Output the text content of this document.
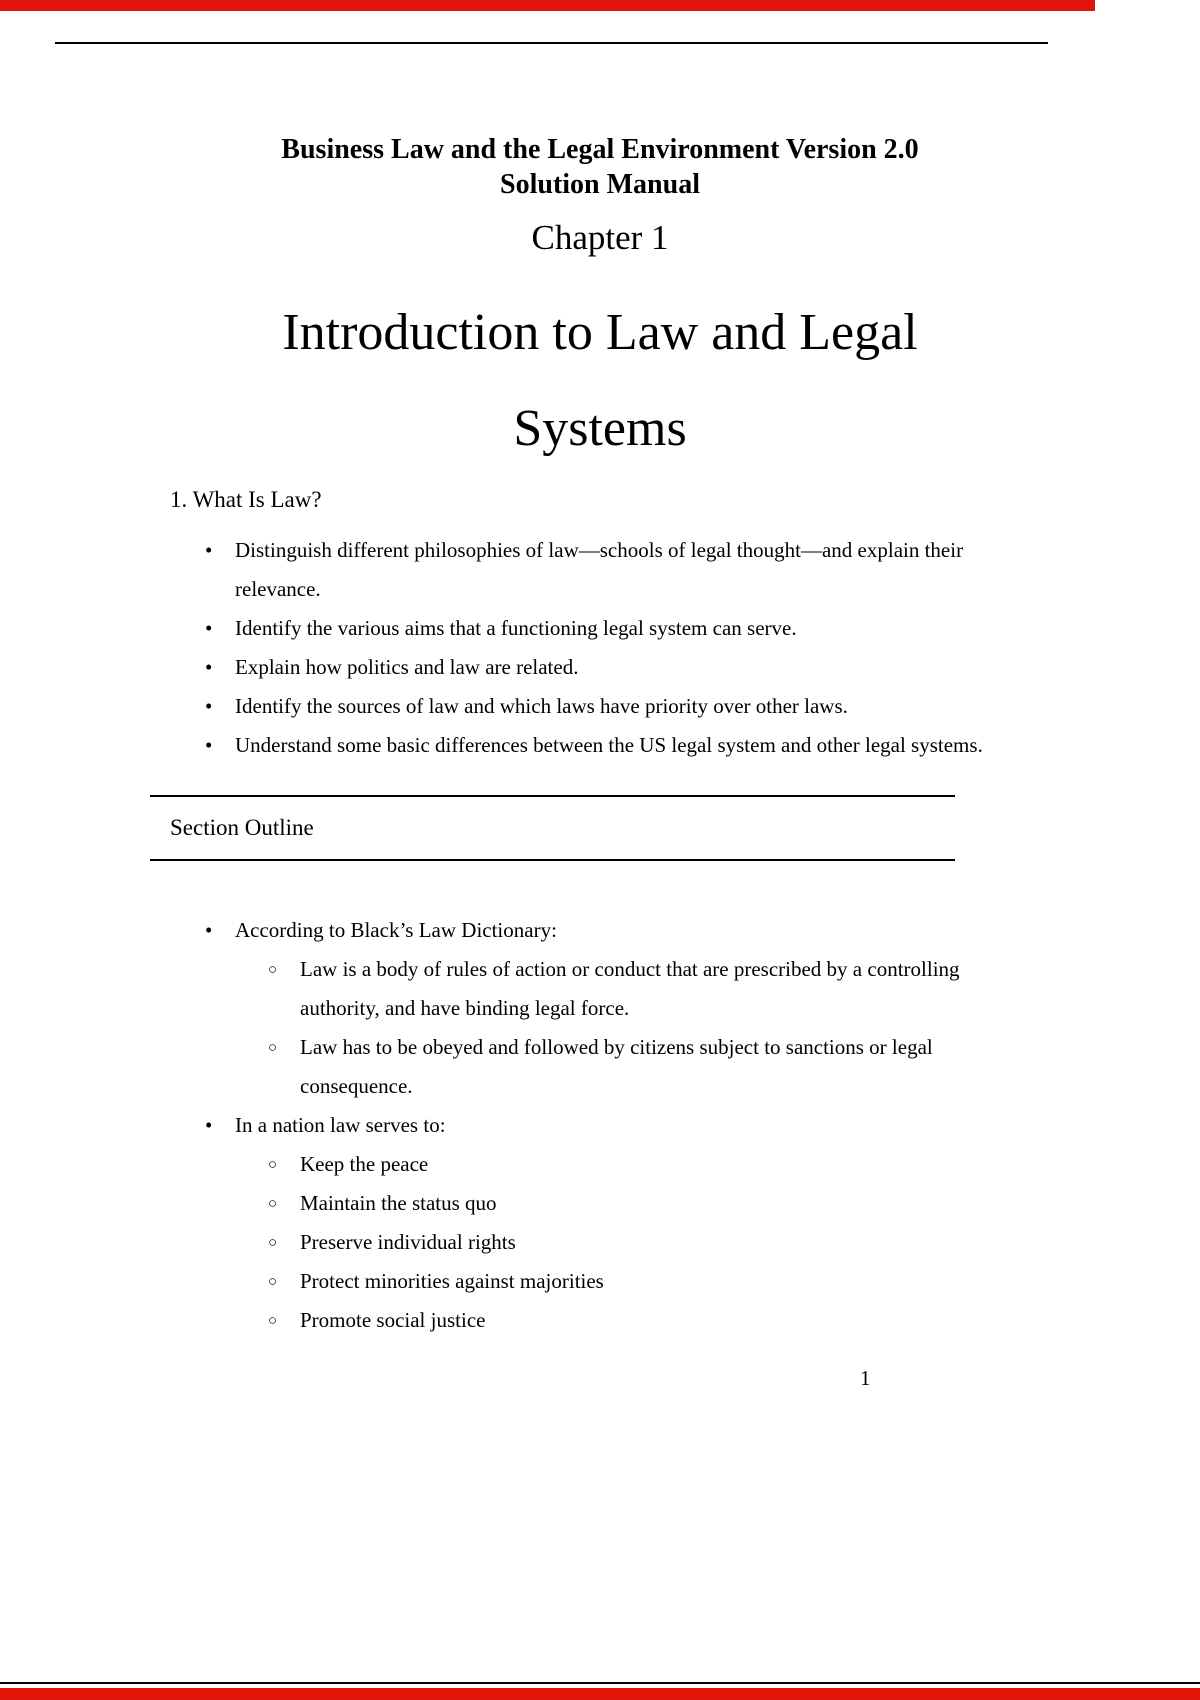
Business Law and the Legal Environment Version 2.0
Solution Manual
Chapter 1
Introduction to Law and Legal
Systems
1. What Is Law?
• Distinguish different philosophies of law—schools of legal thought—and explain their relevance.
• Identify the various aims that a functioning legal system can serve.
• Explain how politics and law are related.
• Identify the sources of law and which laws have priority over other laws.
• Understand some basic differences between the US legal system and other legal systems.
Section Outline
• According to Black’s Law Dictionary:
○ Law is a body of rules of action or conduct that are prescribed by a controlling authority, and have binding legal force.
○ Law has to be obeyed and followed by citizens subject to sanctions or legal consequence.
• In a nation law serves to:
○ Keep the peace
○ Maintain the status quo
○ Preserve individual rights
○ Protect minorities against majorities
○ Promote social justice
1
